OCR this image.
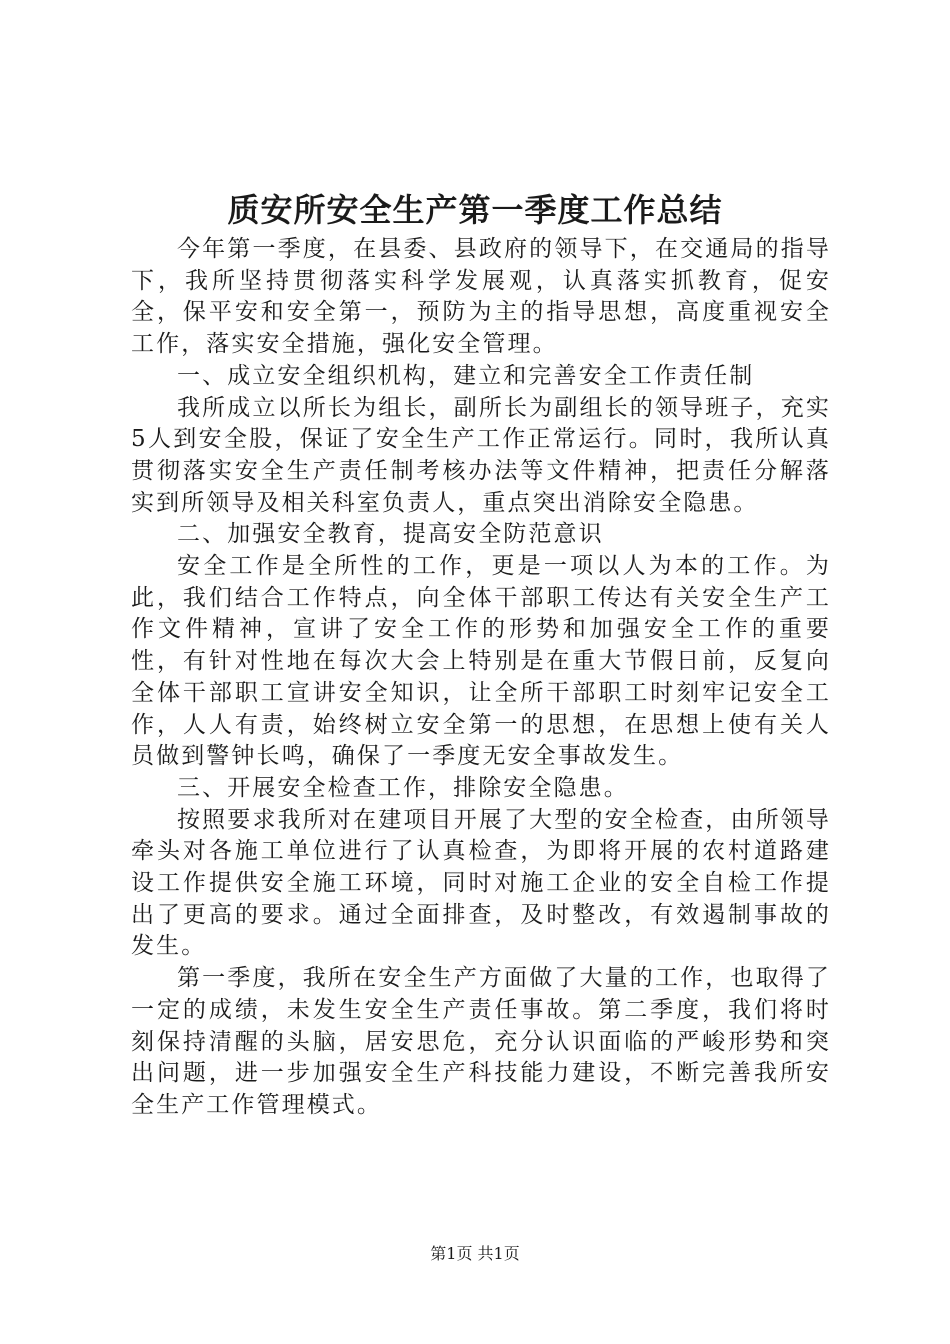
质安所安全生产第一季度工作总结

今年第一季度，在县委、县政府的领导下，在交通局的指导下，我所坚持贯彻落实科学发展观，认真落实抓教育，促安全，保平安和安全第一，预防为主的指导思想，高度重视安全工作，落实安全措施，强化安全管理。

一、成立安全组织机构，建立和完善安全工作责任制

我所成立以所长为组长，副所长为副组长的领导班子，充实5人到安全股，保证了安全生产工作正常运行。同时，我所认真贯彻落实安全生产责任制考核办法等文件精神，把责任分解落实到所领导及相关科室负责人，重点突出消除安全隐患。

二、加强安全教育，提高安全防范意识

安全工作是全所性的工作，更是一项以人为本的工作。为此，我们结合工作特点，向全体干部职工传达有关安全生产工作文件精神，宣讲了安全工作的形势和加强安全工作的重要性，有针对性地在每次大会上特别是在重大节假日前，反复向全体干部职工宣讲安全知识，让全所干部职工时刻牢记安全工作，人人有责，始终树立安全第一的思想，在思想上使有关人员做到警钟长鸣，确保了一季度无安全事故发生。

三、开展安全检查工作，排除安全隐患。

按照要求我所对在建项目开展了大型的安全检查，由所领导牵头对各施工单位进行了认真检查，为即将开展的农村道路建设工作提供安全施工环境，同时对施工企业的安全自检工作提出了更高的要求。通过全面排查，及时整改，有效遏制事故的发生。

第一季度，我所在安全生产方面做了大量的工作，也取得了一定的成绩，未发生安全生产责任事故。第二季度，我们将时刻保持清醒的头脑，居安思危，充分认识面临的严峻形势和突出问题，进一步加强安全生产科技能力建设，不断完善我所安全生产工作管理模式。

第1页 共1页
